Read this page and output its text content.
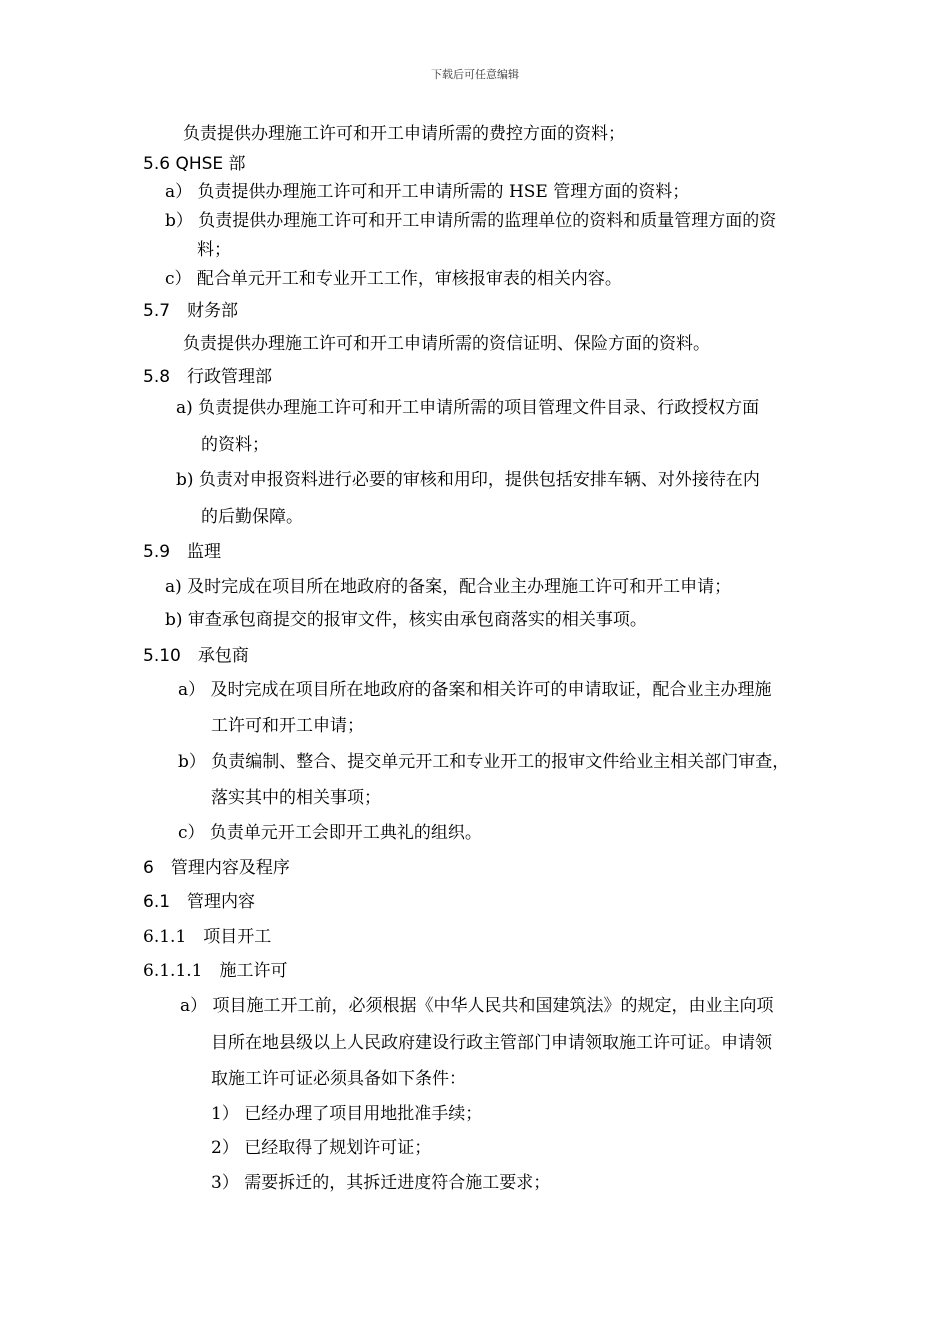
下载后可任意编辑
负责提供办理施工许可和开工申请所需的费控方面的资料；
5.6 QHSE 部
a） 负责提供办理施工许可和开工申请所需的 HSE 管理方面的资料；
b） 负责提供办理施工许可和开工申请所需的监理单位的资料和质量管理方面的资
料；
c） 配合单元开工和专业开工工作，审核报审表的相关内容。
5.7　财务部
负责提供办理施工许可和开工申请所需的资信证明、保险方面的资料。
5.8　行政管理部
a) 负责提供办理施工许可和开工申请所需的项目管理文件目录、行政授权方面
的资料；
b) 负责对申报资料进行必要的审核和用印，提供包括安排车辆、对外接待在内
的后勤保障。
5.9　监理
a) 及时完成在项目所在地政府的备案，配合业主办理施工许可和开工申请；
b) 审查承包商提交的报审文件，核实由承包商落实的相关事项。
5.10　承包商
a） 及时完成在项目所在地政府的备案和相关许可的申请取证，配合业主办理施
工许可和开工申请；
b） 负责编制、整合、提交单元开工和专业开工的报审文件给业主相关部门审查，
落实其中的相关事项；
c） 负责单元开工会即开工典礼的组织。
6　管理内容及程序
6.1　管理内容
6.1.1　项目开工
6.1.1.1　施工许可
a） 项目施工开工前，必须根据《中华人民共和国建筑法》的规定，由业主向项
目所在地县级以上人民政府建设行政主管部门申请领取施工许可证。申请领
取施工许可证必须具备如下条件：
1） 已经办理了项目用地批准手续；
2） 已经取得了规划许可证；
3） 需要拆迁的，其拆迁进度符合施工要求；
